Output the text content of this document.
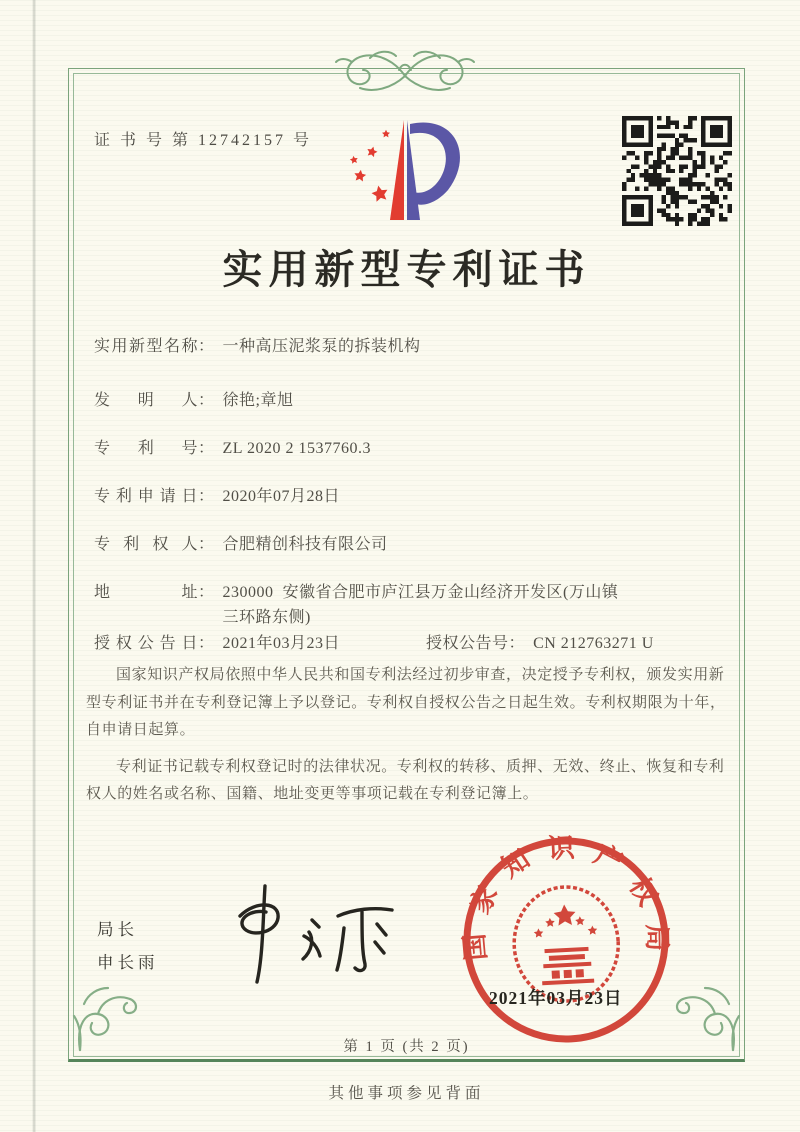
证 书 号 第 12742157 号
实用新型专利证书
实用新型名称 ： 一种高压泥浆泵的拆装机构
发明人 ： 徐艳;章旭
专利号 ： ZL 2020 2 1537760.3
专利申请日 ： 2020年07月28日
专利权人 ： 合肥精创科技有限公司
地址 ： 230000  安徽省合肥市庐江县万金山经济开发区(万山镇三环路东侧)
授权公告日 ： 2021年03月23日	授权公告号 ： CN 212763271 U

国家知识产权局依照中华人民共和国专利法经过初步审查，决定授予专利权，颁发实用新型专利证书并在专利登记簿上予以登记。专利权自授权公告之日起生效。专利权期限为十年，自申请日起算。

专利证书记载专利权登记时的法律状况。专利权的转移、质押、无效、终止、恢复和专利权人的姓名或名称、国籍、地址变更等事项记载在专利登记簿上。

局长
申长雨
国家知识产权局
2021年03月23日
第 1 页 (共 2 页)
其他事项参见背面
